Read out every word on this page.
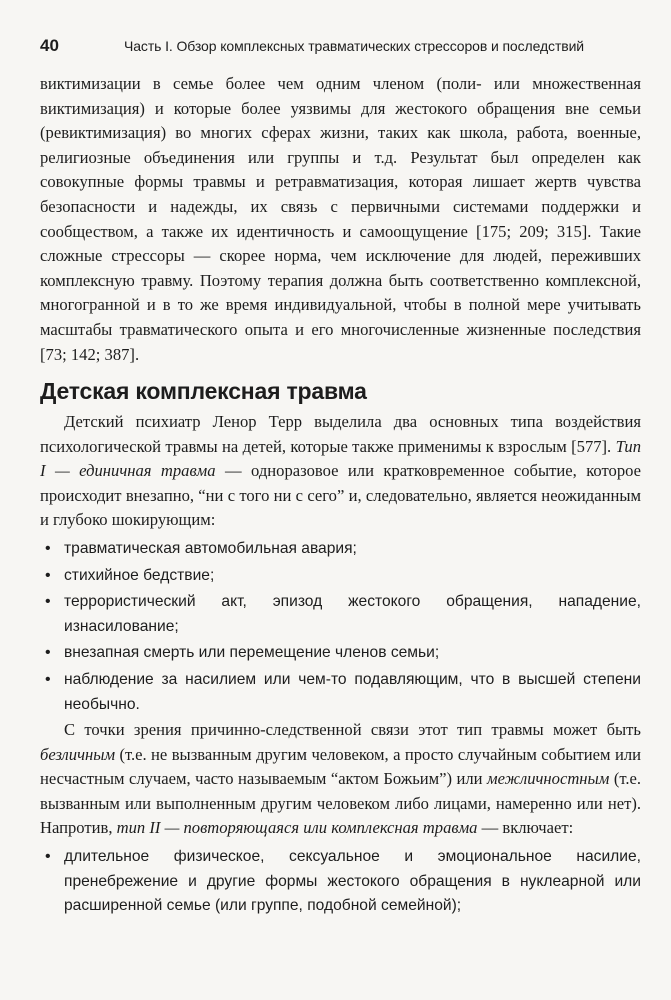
40	Часть I. Обзор комплексных травматических стрессоров и последствий

виктимизации в семье более чем одним членом (поли- или множественная виктимизация) и которые более уязвимы для жестокого обращения вне семьи (ревиктимизация) во многих сферах жизни, таких как школа, работа, военные, религиозные объединения или группы и т.д. Результат был определен как совокупные формы травмы и ретравматизация, которая лишает жертв чувства безопасности и надежды, их связь с первичными системами поддержки и сообществом, а также их идентичность и самоощущение [175; 209; 315]. Такие сложные стрессоры — скорее норма, чем исключение для людей, переживших комплексную травму. Поэтому терапия должна быть соответственно комплексной, многогранной и в то же время индивидуальной, чтобы в полной мере учитывать масштабы травматического опыта и его многочисленные жизненные последствия [73; 142; 387].

Детская комплексная травма

Детский психиатр Ленор Терр выделила два основных типа воздействия психологической травмы на детей, которые также применимы к взрослым [577]. Тип I — единичная травма — одноразовое или кратковременное событие, которое происходит внезапно, “ни с того ни с сего” и, следовательно, является неожиданным и глубоко шокирующим:

• травматическая автомобильная авария;
• стихийное бедствие;
• террористический акт, эпизод жестокого обращения, нападение, изнасилование;
• внезапная смерть или перемещение членов семьи;
• наблюдение за насилием или чем-то подавляющим, что в высшей степени необычно.

С точки зрения причинно-следственной связи этот тип травмы может быть безличным (т.е. не вызванным другим человеком, а просто случайным событием или несчастным случаем, часто называемым “актом Божьим”) или межличностным (т.е. вызванным или выполненным другим человеком либо лицами, намеренно или нет). Напротив, тип II — повторяющаяся или комплексная травма — включает:

• длительное физическое, сексуальное и эмоциональное насилие, пренебрежение и другие формы жестокого обращения в нуклеарной или расширенной семье (или группе, подобной семейной);
